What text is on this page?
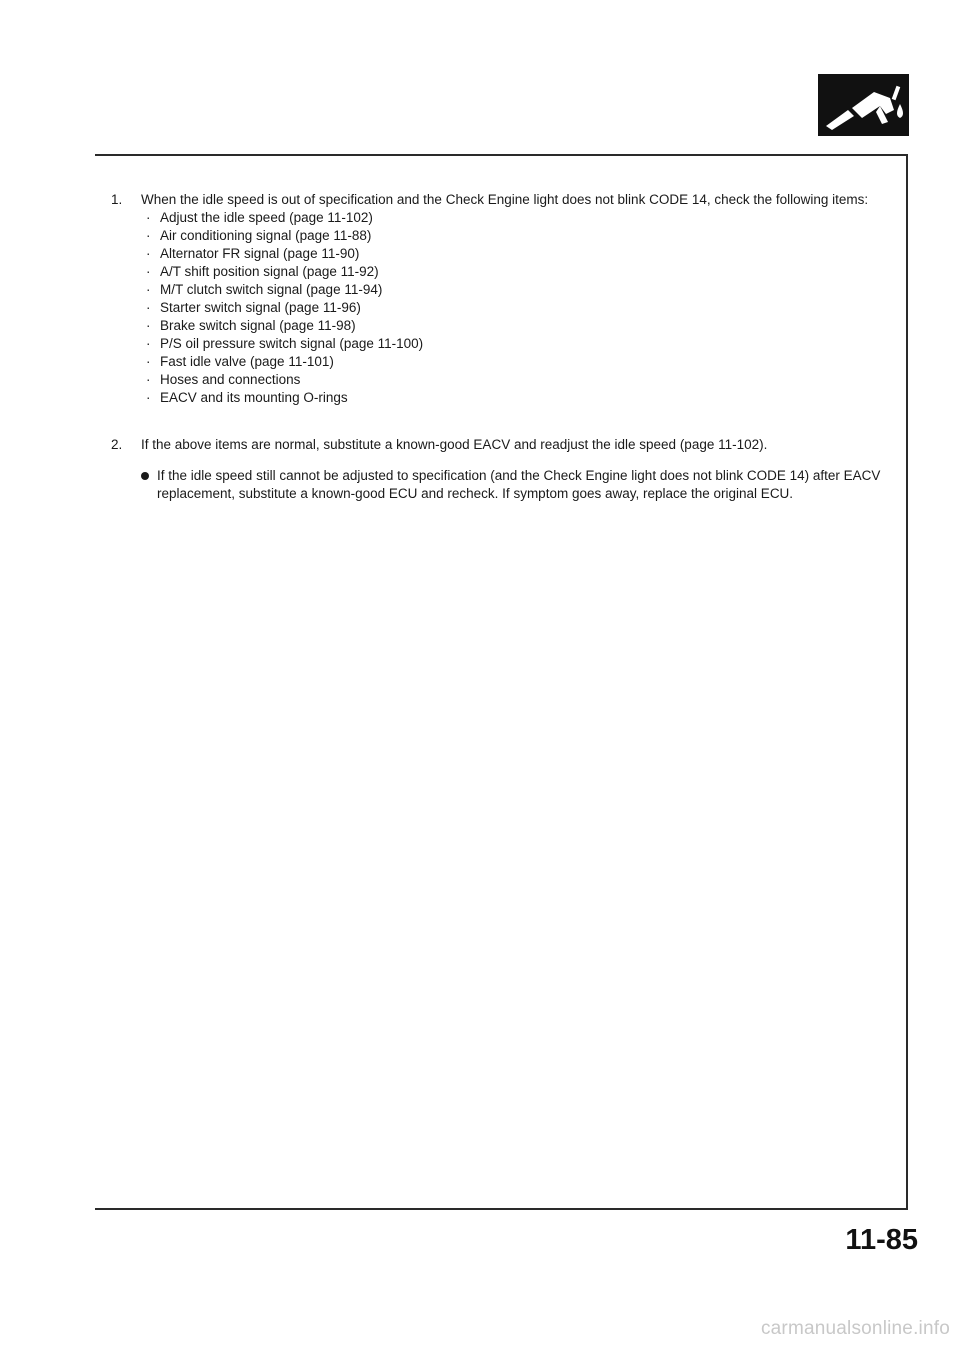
1.	When the idle speed is out of specification and the Check Engine light does not blink CODE 14, check the following items:
· Adjust the idle speed (page 11-102)
· Air conditioning signal (page 11-88)
· Alternator FR signal (page 11-90)
· A/T shift position signal (page 11-92)
· M/T clutch switch signal (page 11-94)
· Starter switch signal (page 11-96)
· Brake switch signal (page 11-98)
· P/S oil pressure switch signal (page 11-100)
· Fast idle valve (page 11-101)
· Hoses and connections
· EACV and its mounting O-rings
2.	If the above items are normal, substitute a known-good EACV and readjust the idle speed (page 11-102).
If the idle speed still cannot be adjusted to specification (and the Check Engine light does not blink CODE 14) after EACV replacement, substitute a known-good ECU and recheck. If symptom goes away, replace the original ECU.
11-85
carmanualsonline.info
